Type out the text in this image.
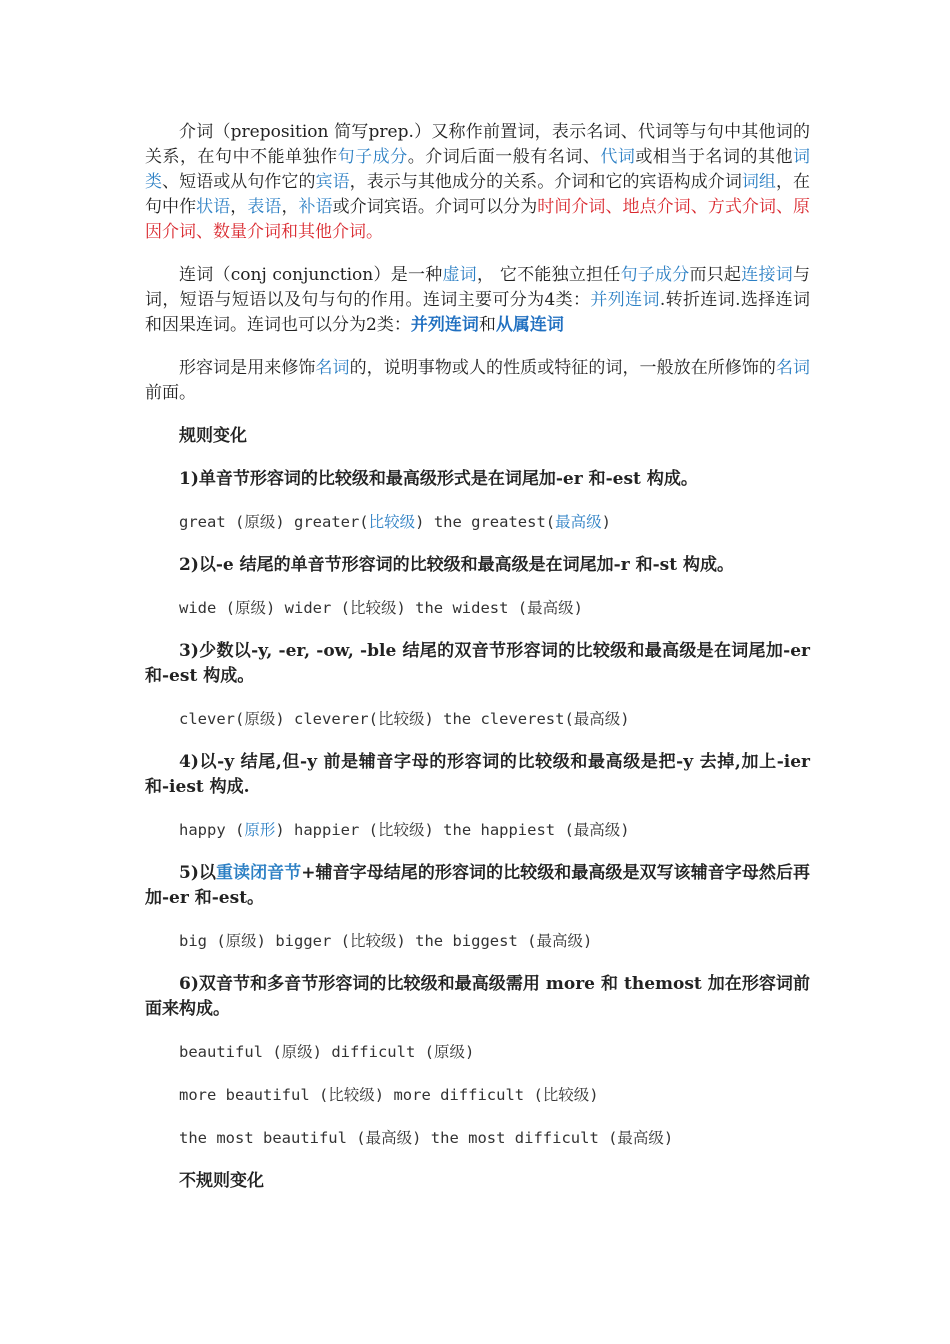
介词（preposition 简写prep.）又称作前置词，表示名词、代词等与句中其他词的关系，在句中不能单独作句子成分。介词后面一般有名词、代词或相当于名词的其他词类、短语或从句作它的宾语，表示与其他成分的关系。介词和它的宾语构成介词词组，在句中作状语，表语，补语或介词宾语。介词可以分为时间介词、地点介词、方式介词、原因介词、数量介词和其他介词。

连词（conj conjunction）是一种虚词， 它不能独立担任句子成分而只起连接词与词，短语与短语以及句与句的作用。连词主要可分为4类：并列连词.转折连词.选择连词和因果连词。连词也可以分为2类：并列连词和从属连词

形容词是用来修饰名词的，说明事物或人的性质或特征的词，一般放在所修饰的名词前面。

规则变化

1)单音节形容词的比较级和最高级形式是在词尾加-er 和-est 构成。

great (原级) greater(比较级) the greatest(最高级)

2)以-e 结尾的单音节形容词的比较级和最高级是在词尾加-r 和-st 构成。

wide (原级) wider (比较级) the widest (最高级)

3)少数以-y, -er, -ow, -ble 结尾的双音节形容词的比较级和最高级是在词尾加-er 和-est 构成。

clever(原级) cleverer(比较级) the cleverest(最高级)

4)以-y 结尾,但-y 前是辅音字母的形容词的比较级和最高级是把-y 去掉,加上-ier 和-iest 构成.

happy (原形) happier (比较级) the happiest (最高级)

5)以重读闭音节+辅音字母结尾的形容词的比较级和最高级是双写该辅音字母然后再加-er 和-est。

big (原级) bigger (比较级) the biggest (最高级)

6)双音节和多音节形容词的比较级和最高级需用 more 和 themost 加在形容词前面来构成。

beautiful (原级) difficult (原级)

more beautiful (比较级) more difficult (比较级)

the most beautiful (最高级) the most difficult (最高级)

不规则变化
